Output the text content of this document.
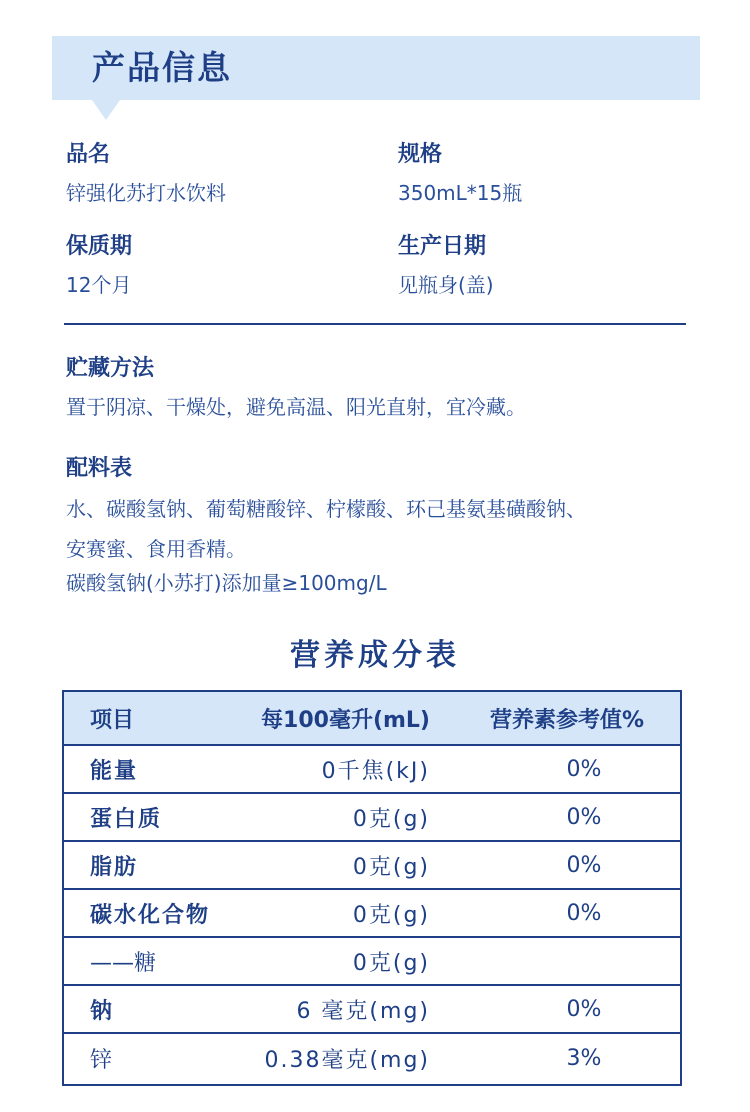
产品信息
品名
锌强化苏打水饮料
规格
350mL*15瓶
保质期
12个月
生产日期
见瓶身(盖)
贮藏方法
置于阴凉、干燥处，避免高温、阳光直射，宜冷藏。
配料表
水、碳酸氢钠、葡萄糖酸锌、柠檬酸、环己基氨基磺酸钠、
安赛蜜、食用香精。
碳酸氢钠(小苏打)添加量≥100mg/L
营养成分表
项目	每100毫升(mL)	营养素参考值%
能量	0千焦(kJ)	0%
蛋白质	0克(g)	0%
脂肪	0克(g)	0%
碳水化合物	0克(g)	0%
——糖	0克(g)
钠	6 毫克(mg)	0%
锌	0.38毫克(mg)	3%
